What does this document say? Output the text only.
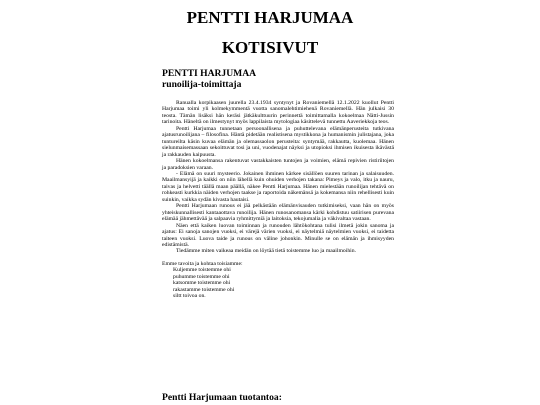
PENTTI HARJUMAA
KOTISIVUT
PENTTI HARJUMAA
runoilija-toimittaja

Ranualla korpikaasen juurella 23.4.1934 syntynyt ja Rovaniemellä 12.1.2022 kuollut Pentti Harjumaa toimi yli kolmekymmentä vuotta sanomalehtimiehenä Rovaniemellä. Hän julkaisi 30 teosta. Tämän lisäksi hän keräsi jätkäkulttuurin perinnettä toimittamalla kokoelmaa Nätti-Jussin tarinoita. Häneltä on ilmestynyt myös lappilaista mytologiaa käsittelevä tunnettu Aaveriekkoja teos.

Pentti Harjumaa tunnetaan persoonallisena ja puhuttelevana elämänperusteita tutkivana ajatusrunoilijana – filosofina. Häntä pidetään realistisena mystikkona ja humanismin julistajana, joka tuntureilta käsin kuvaa elämän ja olemassaolon perusteita: syntymää, rakkautta, kuolemaa. Hänen sielunmaisemassaan sekoittuvat tosi ja uni, vuodenajat näyksi ja utopioksi ihmisen ikuisesta ikävästä ja rakkauden kaipuusta.

Hänen kokoelmansa rakentuvat vastakkaisten tuntojen ja voimien, elämä repivien ristiriitojen ja paradoksien varaan.

- Elämä on suuri mysteerio. Jokainen ihminen kärkee sisällöen suuren tarinan ja salaisuuden. Maailmansyijä ja kaikki on niin lähellä kuin ohuiden verhojen takana: Pimeys ja valo, itku ja nauru, taivas ja helvetti täällä maan päällä, näkee Pentti Harjumaa. Hänen mielestään runoilijan tehtävä on rohkeasti kurkkia näiden verhojen taakse ja raportoida näkemänsä ja kokemansa niin rehellisesti kuin suinkin, vaikka sydän kivasta hautaisi.

Pentti Harjumaan runous ei jää pelkästään elämänvisauden tutkimiseksi, vaan hän on myös yhteiskunnallisesti kantaaottava runoilija. Hänen runosanomansa kärki kohdistuu satiirisen purevana elämää jähmettävää ja salpaavia ryhmittymiä ja laitoksia, tekojumalia ja väkivaltaa vastaan.

Näen että kaiken luovan toiminnan ja runouden lähtökohtana tulisi ilmetä jokin sanoma ja ajatus: Ei sanoja sanojen vuoksi, ei värejä värien vuoksi, ei näytelmiä näytelmien vuoksi, ei taidetta taiteen vuoksi. Luova taide ja runous on väline johonkin. Minulle se on elämän ja ihmisyyden edistämistä.

Tiedämme miten vaikeaa meidän on löytää tietä toistemme luo ja maailmoihin.

Emme tavoita ja kohtaa toisiamme:
Kuljemme toistemme ohi
puhumme toistemme ohi
katsomme toistemme ohi
rakastamme toistemme ohi
siltt toivoa on.
Pentti Harjumaan tuotantoa:
